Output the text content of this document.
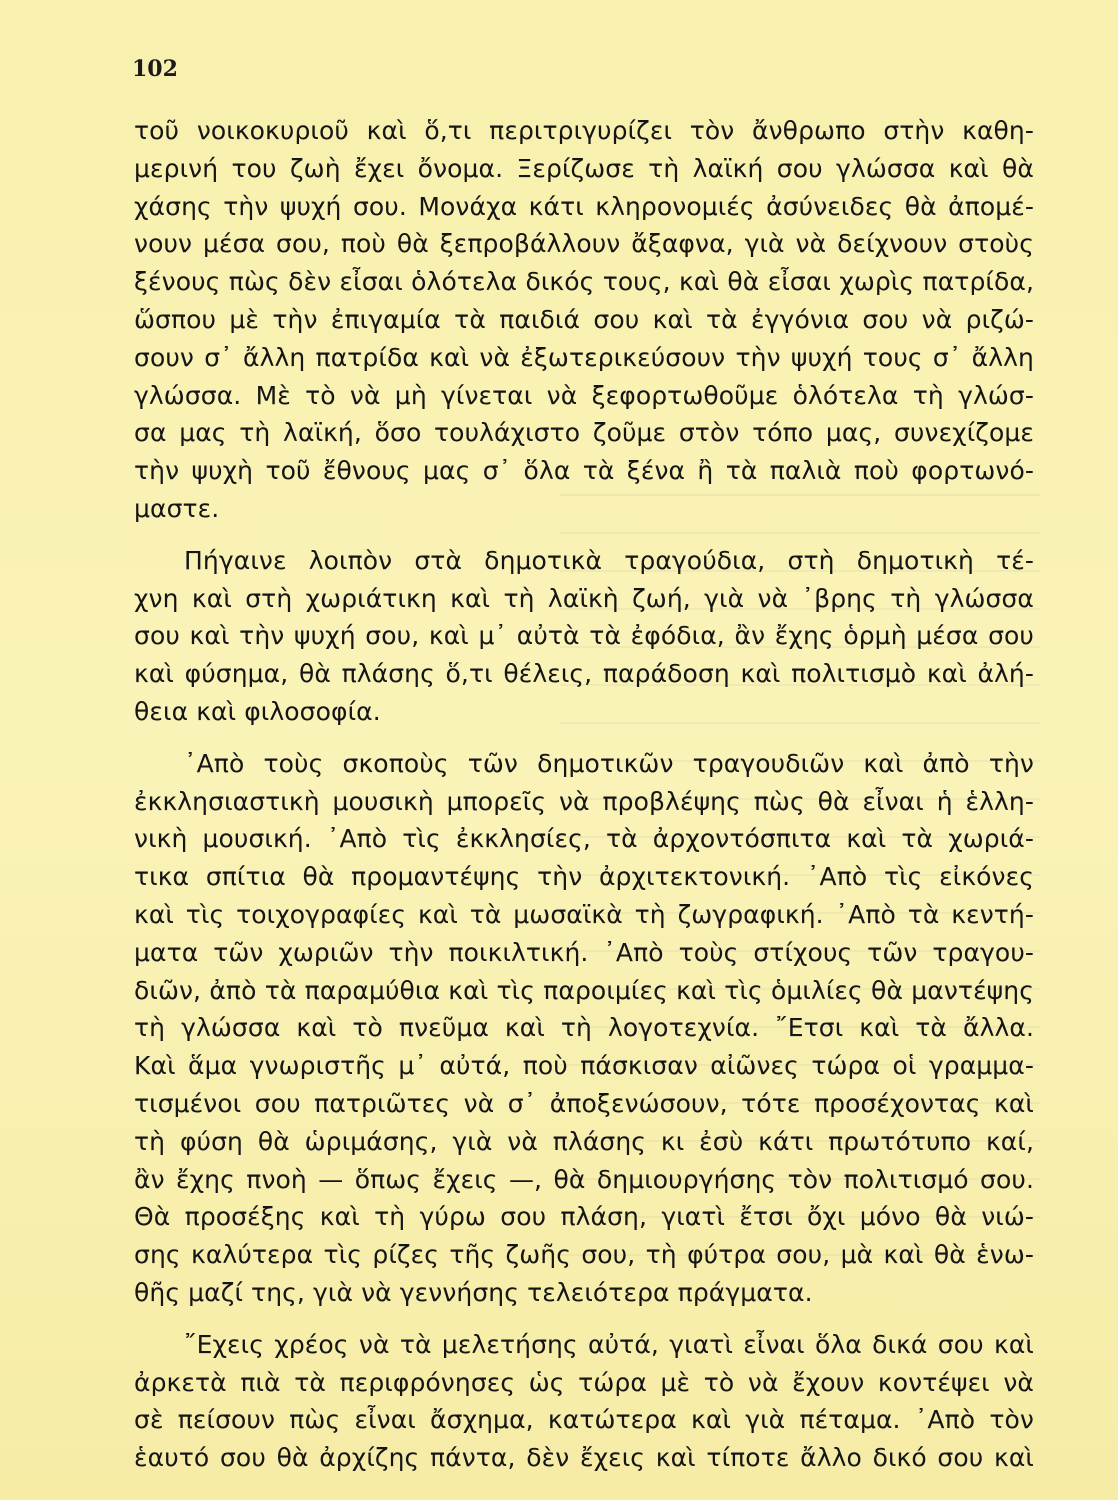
102
τοῦ νοικοκυριοῦ καὶ ὅ,τι περιτριγυρίζει τὸν ἄνθρωπο στὴν καθη-
μερινή του ζωὴ ἔχει ὄνομα. Ξερίζωσε τὴ λαϊκή σου γλώσσα καὶ θὰ
χάσης τὴν ψυχή σου. Μονάχα κάτι κληρονομιές ἀσύνειδες θὰ ἀπομέ-
νουν μέσα σου, ποὺ θὰ ξεπροβάλλουν ἄξαφνα, γιὰ νὰ δείχνουν στοὺς
ξένους πὼς δὲν εἶσαι ὁλότελα δικός τους, καὶ θὰ εἶσαι χωρὶς πατρίδα,
ὥσπου μὲ τὴν ἐπιγαμία τὰ παιδιά σου καὶ τὰ ἐγγόνια σου νὰ ριζώ-
σουν σ᾽ ἄλλη πατρίδα καὶ νὰ ἐξωτερικεύσουν τὴν ψυχή τους σ᾽ ἄλλη
γλώσσα. Μὲ τὸ νὰ μὴ γίνεται νὰ ξεφορτωθοῦμε ὁλότελα τὴ γλώσ-
σα μας τὴ λαϊκή, ὅσο τουλάχιστο ζοῦμε στὸν τόπο μας, συνεχίζομε
τὴν ψυχὴ τοῦ ἔθνους μας σ᾽ ὅλα τὰ ξένα ἢ τὰ παλιὰ ποὺ φορτωνό-
μαστε.
Πήγαινε λοιπὸν στὰ δημοτικὰ τραγούδια, στὴ δημοτικὴ τέ-
χνη καὶ στὴ χωριάτικη καὶ τὴ λαϊκὴ ζωή, γιὰ νὰ ᾽βρης τὴ γλώσσα
σου καὶ τὴν ψυχή σου, καὶ μ᾽ αὐτὰ τὰ ἐφόδια, ἂν ἔχης ὁρμὴ μέσα σου
καὶ φύσημα, θὰ πλάσης ὅ,τι θέλεις, παράδοση καὶ πολιτισμὸ καὶ ἀλή-
θεια καὶ φιλοσοφία.
᾽Απὸ τοὺς σκοποὺς τῶν δημοτικῶν τραγουδιῶν καὶ ἀπὸ τὴν
ἐκκλησιαστικὴ μουσικὴ μπορεῖς νὰ προβλέψης πὼς θὰ εἶναι ἡ ἑλλη-
νικὴ μουσική. ᾽Απὸ τὶς ἐκκλησίες, τὰ ἀρχοντόσπιτα καὶ τὰ χωριά-
τικα σπίτια θὰ προμαντέψης τὴν ἀρχιτεκτονική. ᾽Απὸ τὶς εἰκόνες
καὶ τὶς τοιχογραφίες καὶ τὰ μωσαϊκὰ τὴ ζωγραφική. ᾽Απὸ τὰ κεντή-
ματα τῶν χωριῶν τὴν ποικιλτική. ᾽Απὸ τοὺς στίχους τῶν τραγου-
διῶν, ἀπὸ τὰ παραμύθια καὶ τὶς παροιμίες καὶ τὶς ὁμιλίες θὰ μαντέψης
τὴ γλώσσα καὶ τὸ πνεῦμα καὶ τὴ λογοτεχνία. ῎Ετσι καὶ τὰ ἄλλα.
Καὶ ἅμα γνωριστῆς μ᾽ αὐτά, ποὺ πάσκισαν αἰῶνες τώρα οἱ γραμμα-
τισμένοι σου πατριῶτες νὰ σ᾽ ἀποξενώσουν, τότε προσέχοντας καὶ
τὴ φύση θὰ ὡριμάσης, γιὰ νὰ πλάσης κι ἐσὺ κάτι πρωτότυπο καί,
ἂν ἔχης πνοὴ — ὅπως ἔχεις —, θὰ δημιουργήσης τὸν πολιτισμό σου.
Θὰ προσέξης καὶ τὴ γύρω σου πλάση, γιατὶ ἔτσι ὄχι μόνο θὰ νιώ-
σης καλύτερα τὶς ρίζες τῆς ζωῆς σου, τὴ φύτρα σου, μὰ καὶ θὰ ἑνω-
θῆς μαζί της, γιὰ νὰ γεννήσης τελειότερα πράγματα.
῎Εχεις χρέος νὰ τὰ μελετήσης αὐτά, γιατὶ εἶναι ὅλα δικά σου καὶ
ἀρκετὰ πιὰ τὰ περιφρόνησες ὡς τώρα μὲ τὸ νὰ ἔχουν κοντέψει νὰ
σὲ πείσουν πὼς εἶναι ἄσχημα, κατώτερα καὶ γιὰ πέταμα. ᾽Απὸ τὸν
ἑαυτό σου θὰ ἀρχίζης πάντα, δὲν ἔχεις καὶ τίποτε ἄλλο δικό σου καὶ
